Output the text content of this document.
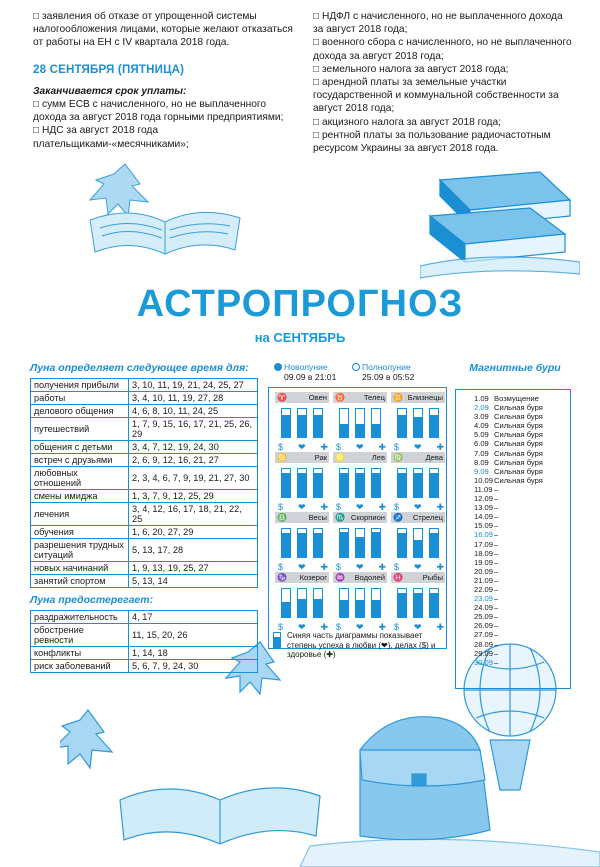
□ заявления об отказе от упрощенной системы налогообложения лицами, которые желают отказаться от работы на ЕН с IV квартала 2018 года.

28 СЕНТЯБРЯ (ПЯТНИЦА)
Заканчивается срок уплаты:

□ сумм ЕСВ с начисленного, но не выплаченного дохода за август 2018 года горными предприятиями;

□ НДС за август 2018 года плательщиками-«месячниками»;

□ НДФЛ с начисленного, но не выплаченного дохода за август 2018 года;

□ военного сбора с начисленного, но не выплаченного дохода за август 2018 года;

□ земельного налога за август 2018 года;

□ арендной платы за земельные участки государственной и коммунальной собственности за август 2018 года;

□ акцизного налога за август 2018 года;

□ рентной платы за пользование радиочастотным ресурсом Украины за август 2018 года.

АСТРОПРОГНОЗ
на СЕНТЯБРЬ
Луна определяет следующее время для:
получения прибыли	3, 10, 11, 19, 21, 24, 25, 27
работы	3, 4, 10, 11, 19, 27, 28
делового общения	4, 6, 8, 10, 11, 24, 25
путешествий	1, 7, 9, 15, 16, 17, 21, 25, 26, 29
общения с детьми	3, 4, 7, 12, 19, 24, 30
встреч с друзьями	2, 6, 9, 12, 16, 21, 27
любовных отношений	2, 3, 4, 6, 7, 9, 19, 21, 27, 30
смены имиджа	1, 3, 7, 9, 12, 25, 29
лечения	3, 4, 12, 16, 17, 18, 21, 22, 25
обучения	1, 6, 20, 27, 29
разрешения трудных ситуаций	5, 13, 17, 28
новых начинаний	1, 9, 13, 19, 25, 27
занятий спортом	5, 13, 14
Луна предостерегает:
раздражительность	4, 17
обострение ревности	11, 15, 20, 26
конфликты	1, 14, 18
риск заболеваний	5, 6, 7, 9, 24, 30
Новолуние
09.09 в 21:01Полнолуние
25.09 в 05:52
♈	Овен
$ ❤ ✚
♉ Телец
$ ❤ ✚
♊ Близнецы
$ ❤ ✚
♋	Рак
$ ❤ ✚
♌	Лев
$ ❤ ✚
♍	Дева
$ ❤ ✚
♎	Весы
$ ❤ ✚
♏ Скорпион
$ ❤ ✚
♐ Стрелец
$ ❤ ✚
♑ Козерог
$ ❤ ✚
♒ Водолей
$ ❤ ✚
♓	Рыбы
$ ❤ ✚
Синяя часть диаграммы показывает степень успеха в любви (❤), делах ($) и здоровье (✚)
Магнитные бури
1.09 Возмущение
2.09 Сильная буря
3.09 Сильная буря
4.09 Сильная буря
5.09 Сильная буря
6.09 Сильная буря
7.09 Сильная буря
8.09 Сильная буря
9.09 Сильная буря
10.09Сильная буря
11.09 –
12.09–
13.09–
14.09–
15.09–
16.09–
17.09–
18.09–
19.09–
20.09–
21.09–
22.09–
23.09–
24.09–
25.09–
26.09–
27.09–
28.09–
29.09–
30.09–
